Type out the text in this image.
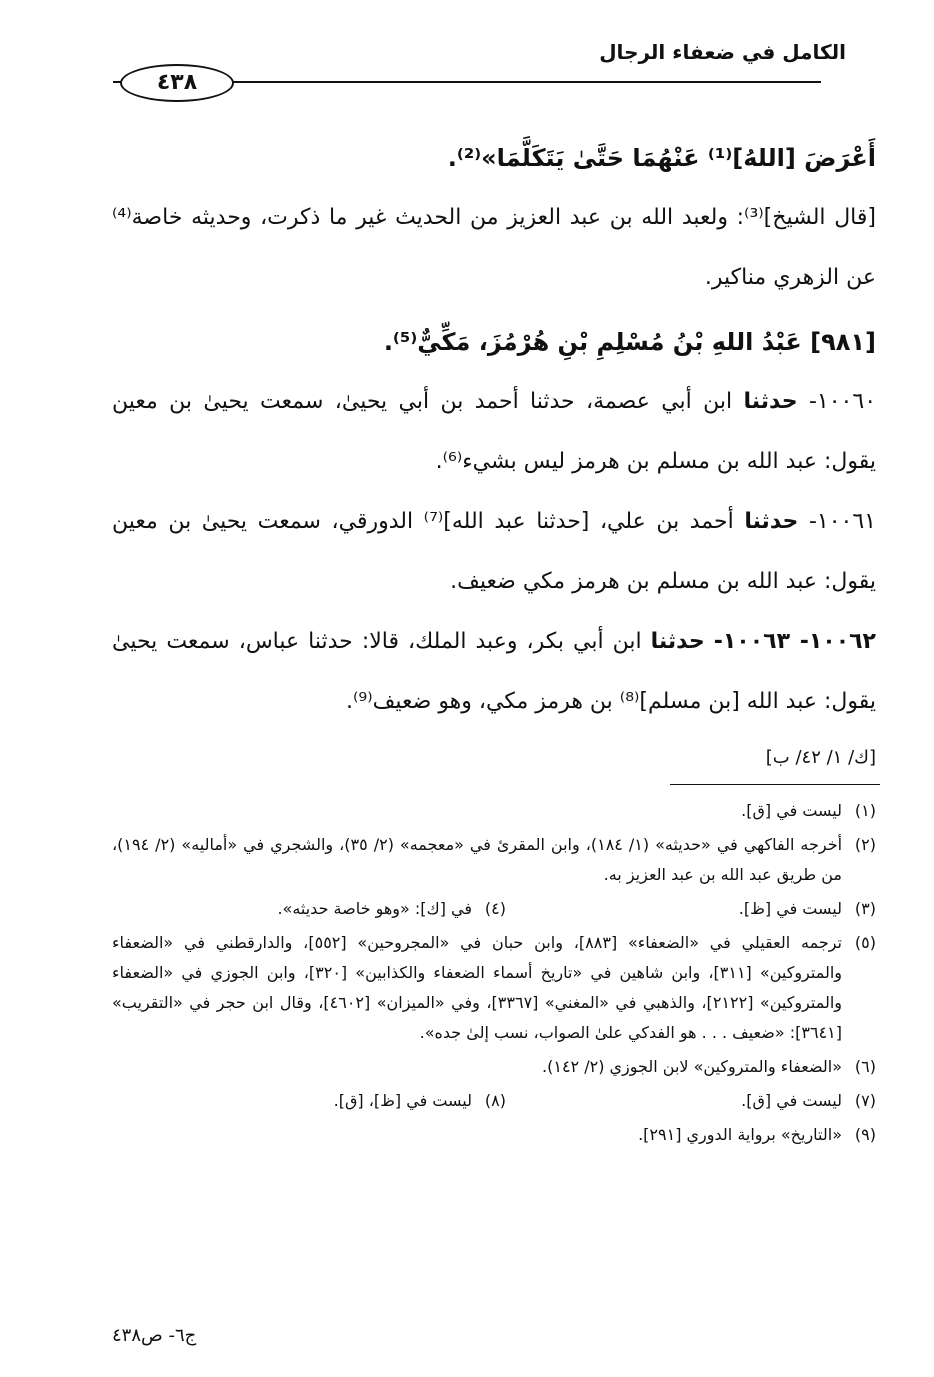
الكامل في ضعفاء الرجال
٤٣٨

أَعْرَضَ [اللهُ]⁽¹⁾ عَنْهُمَا حَتَّىٰ يَتَكَلَّمَا»⁽²⁾.

[قال الشيخ]⁽³⁾: ولعبد الله بن عبد العزيز من الحديث غير ما ذكرت، وحديثه خاصة⁽⁴⁾ عن الزهري مناكير.

[٩٨١] عَبْدُ اللهِ بْنُ مُسْلِمِ بْنِ هُرْمُزَ، مَكِّيٌّ⁽⁵⁾.

١٠٠٦٠- حدثنا ابن أبي عصمة، حدثنا أحمد بن أبي يحيىٰ، سمعت يحيىٰ بن معين يقول: عبد الله بن مسلم بن هرمز ليس بشيء⁽⁶⁾.

١٠٠٦١- حدثنا أحمد بن علي، [حدثنا عبد الله]⁽⁷⁾ الدورقي، سمعت يحيىٰ بن معين يقول: عبد الله بن مسلم بن هرمز مكي ضعيف.

١٠٠٦٢- ١٠٠٦٣- حدثنا ابن أبي بكر، وعبد الملك، قالا: حدثنا عباس، سمعت يحيىٰ يقول: عبد الله [بن مسلم]⁽⁸⁾ بن هرمز مكي، وهو ضعيف⁽⁹⁾.

[ك/ ١/ ٤٢/ ب]

(١)
ليست في [ق].
(٢)
أخرجه الفاكهي في «حديثه» (١/ ١٨٤)، وابن المقرئ في «معجمه» (٢/ ٣٥)، والشجري في «أماليه» (٢/ ١٩٤)، من طريق عبد الله بن عبد العزيز به.
(٣)
ليست في [ظ].
(٤)
في [ك]: «وهو خاصة حديثه».
(٥)
ترجمه العقيلي في «الضعفاء» [٨٨٣]، وابن حبان في «المجروحين» [٥٥٢]، والدارقطني في «الضعفاء والمتروكين» [٣١١]، وابن شاهين في «تاريخ أسماء الضعفاء والكذابين» [٣٢٠]، وابن الجوزي في «الضعفاء والمتروكين» [٢١٢٢]، والذهبي في «المغني» [٣٣٦٧]، وفي «الميزان» [٤٦٠٢]، وقال ابن حجر في «التقريب» [٣٦٤١]: «ضعيف . . . هو الفدكي علىٰ الصواب، نسب إلىٰ جده».
(٦)
«الضعفاء والمتروكين» لابن الجوزي (٢/ ١٤٢).
(٧)
ليست في [ق].
(٨)
ليست في [ظ]، [ق].
(٩)
«التاريخ» برواية الدوري [٢٩١].
ج٦- ص٤٣٨
